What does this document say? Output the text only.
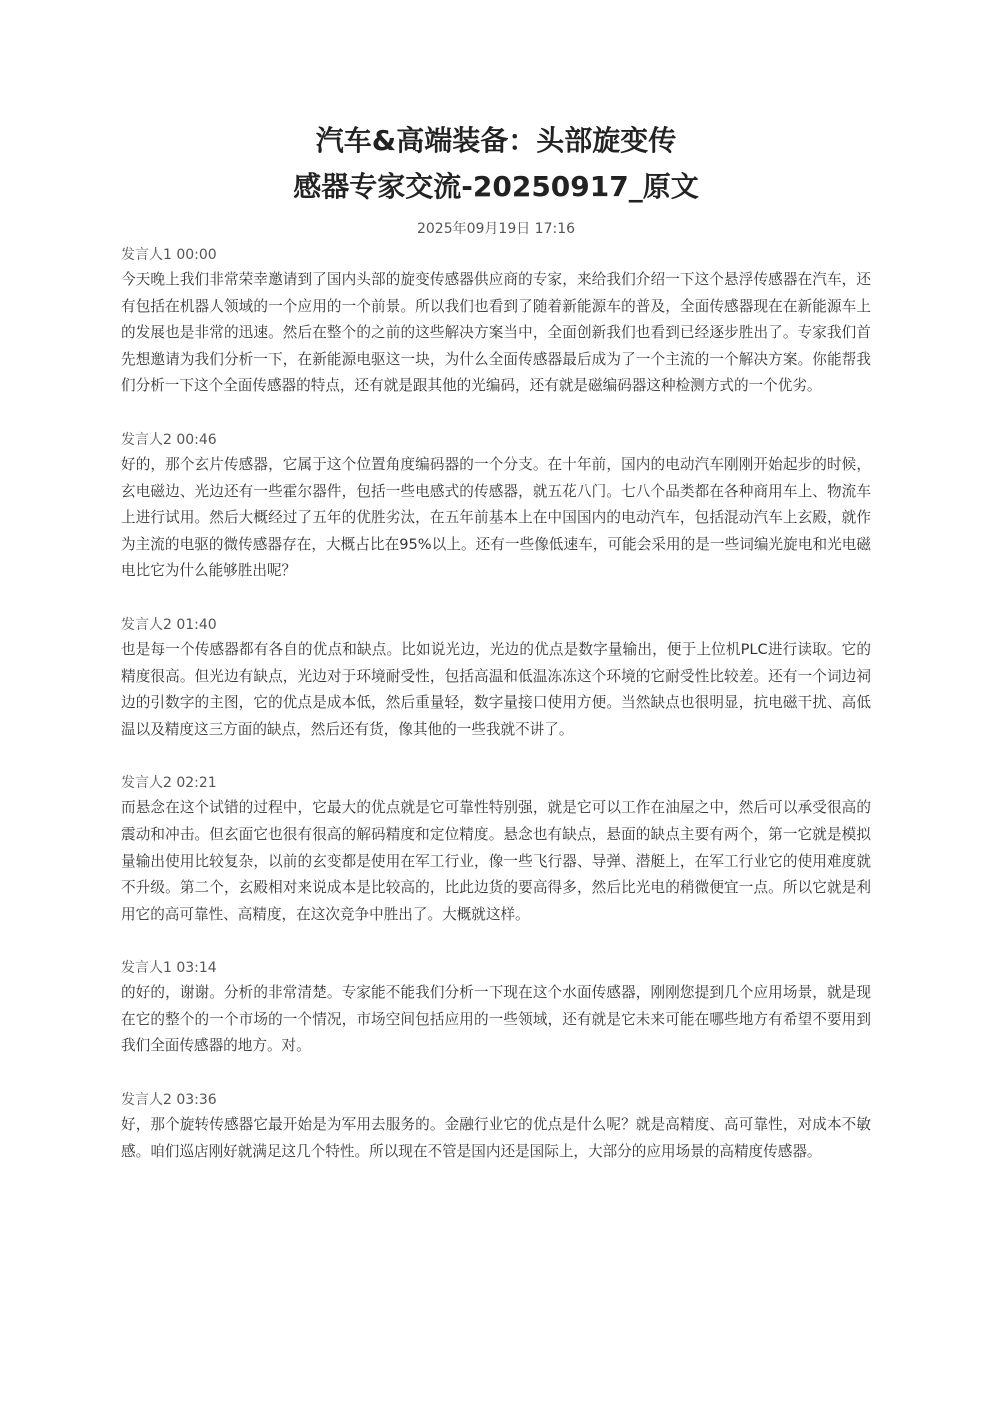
汽车&高端装备：头部旋变传
感器专家交流-20250917_原文
2025年09月19日 17:16

发言人1 00:00

今天晚上我们非常荣幸邀请到了国内头部的旋变传感器供应商的专家，来给我们介绍一下这个悬浮传感器在汽车，还有包括在机器人领域的一个应用的一个前景。所以我们也看到了随着新能源车的普及，全面传感器现在在新能源车上的发展也是非常的迅速。然后在整个的之前的这些解决方案当中，全面创新我们也看到已经逐步胜出了。专家我们首先想邀请为我们分析一下，在新能源电驱这一块，为什么全面传感器最后成为了一个主流的一个解决方案。你能帮我们分析一下这个全面传感器的特点，还有就是跟其他的光编码，还有就是磁编码器这种检测方式的一个优劣。

发言人2 00:46

好的，那个玄片传感器，它属于这个位置角度编码器的一个分支。在十年前，国内的电动汽车刚刚开始起步的时候，玄电磁边、光边还有一些霍尔器件，包括一些电感式的传感器，就五花八门。七八个品类都在各种商用车上、物流车上进行试用。然后大概经过了五年的优胜劣汰，在五年前基本上在中国国内的电动汽车，包括混动汽车上玄殿，就作为主流的电驱的微传感器存在，大概占比在95%以上。还有一些像低速车，可能会采用的是一些词编光旋电和光电磁电比它为什么能够胜出呢？

发言人2 01:40

也是每一个传感器都有各自的优点和缺点。比如说光边，光边的优点是数字量输出，便于上位机PLC进行读取。它的精度很高。但光边有缺点，光边对于环境耐受性，包括高温和低温冻冻这个环境的它耐受性比较差。还有一个词边祠边的引数字的主图，它的优点是成本低，然后重量轻，数字量接口使用方便。当然缺点也很明显，抗电磁干扰、高低温以及精度这三方面的缺点，然后还有货，像其他的一些我就不讲了。

发言人2 02:21

而悬念在这个试错的过程中，它最大的优点就是它可靠性特别强，就是它可以工作在油屋之中，然后可以承受很高的震动和冲击。但玄面它也很有很高的解码精度和定位精度。悬念也有缺点，悬面的缺点主要有两个，第一它就是模拟量输出使用比较复杂，以前的玄变都是使用在军工行业，像一些飞行器、导弹、潜艇上，在军工行业它的使用难度就不升级。第二个，玄殿相对来说成本是比较高的，比此边货的要高得多，然后比光电的稍微便宜一点。所以它就是利用它的高可靠性、高精度，在这次竞争中胜出了。大概就这样。

发言人1 03:14

的好的，谢谢。分析的非常清楚。专家能不能我们分析一下现在这个水面传感器，刚刚您提到几个应用场景，就是现在它的整个的一个市场的一个情况，市场空间包括应用的一些领域，还有就是它未来可能在哪些地方有希望不要用到我们全面传感器的地方。对。

发言人2 03:36

好，那个旋转传感器它最开始是为军用去服务的。金融行业它的优点是什么呢？就是高精度、高可靠性，对成本不敏感。咱们巡店刚好就满足这几个特性。所以现在不管是国内还是国际上，大部分的应用场景的高精度传感器。
